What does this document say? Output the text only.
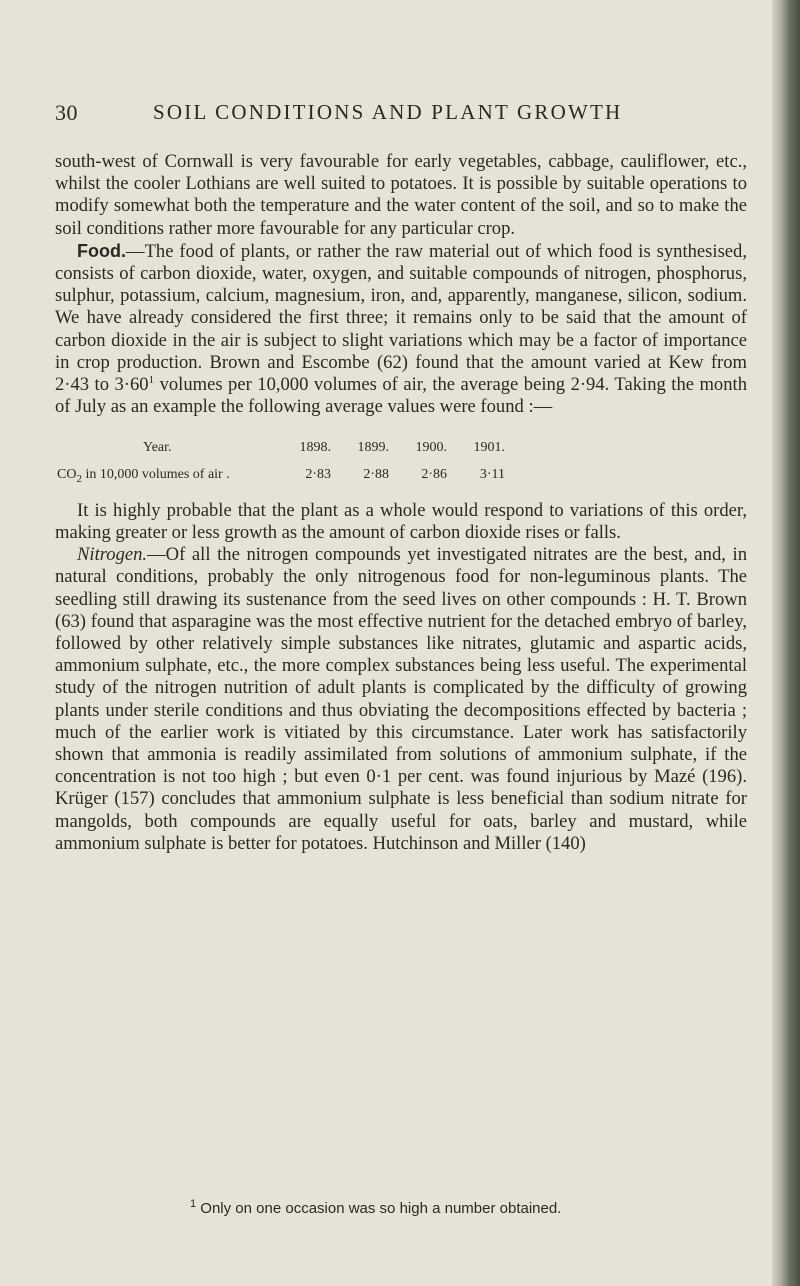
30	SOIL CONDITIONS AND PLANT GROWTH

south-west of Cornwall is very favourable for early vegetables, cabbage, cauliflower, etc., whilst the cooler Lothians are well suited to potatoes. It is possible by suitable operations to modify somewhat both the temperature and the water content of the soil, and so to make the soil conditions rather more favourable for any particular crop.

Food.—The food of plants, or rather the raw material out of which food is synthesised, consists of carbon dioxide, water, oxygen, and suitable compounds of nitrogen, phosphorus, sulphur, potassium, calcium, magnesium, iron, and, apparently, manganese, silicon, sodium. We have already considered the first three; it remains only to be said that the amount of carbon dioxide in the air is subject to slight variations which may be a factor of importance in crop production. Brown and Escombe (62) found that the amount varied at Kew from 2·43 to $3\cdot 60^1$ volumes per 10,000 volumes of air, the average being 2·94. Taking the month of July as an example the following average values were found :—

Year.	1898.	1899.	1900.	1901.
$CO_2$ in 10,000 volumes of air .	2·83	2·88	2·86	3·11

It is highly probable that the plant as a whole would respond to variations of this order, making greater or less growth as the amount of carbon dioxide rises or falls.

Nitrogen.—Of all the nitrogen compounds yet investigated nitrates are the best, and, in natural conditions, probably the only nitrogenous food for non-leguminous plants. The seedling still drawing its sustenance from the seed lives on other compounds : H. T. Brown (63) found that asparagine was the most effective nutrient for the detached embryo of barley, followed by other relatively simple substances like nitrates, glutamic and aspartic acids, ammonium sulphate, etc., the more complex substances being less useful. The experimental study of the nitrogen nutrition of adult plants is complicated by the difficulty of growing plants under sterile conditions and thus obviating the decompositions effected by bacteria ; much of the earlier work is vitiated by this circumstance. Later work has satisfactorily shown that ammonia is readily assimilated from solutions of ammonium sulphate, if the concentration is not too high ; but even 0·1 per cent. was found injurious by Mazé (196). Krüger (157) concludes that ammonium sulphate is less beneficial than sodium nitrate for mangolds, both compounds are equally useful for oats, barley and mustard, while ammonium sulphate is better for potatoes. Hutchinson and Miller (140)

$^1$ Only on one occasion was so high a number obtained.
